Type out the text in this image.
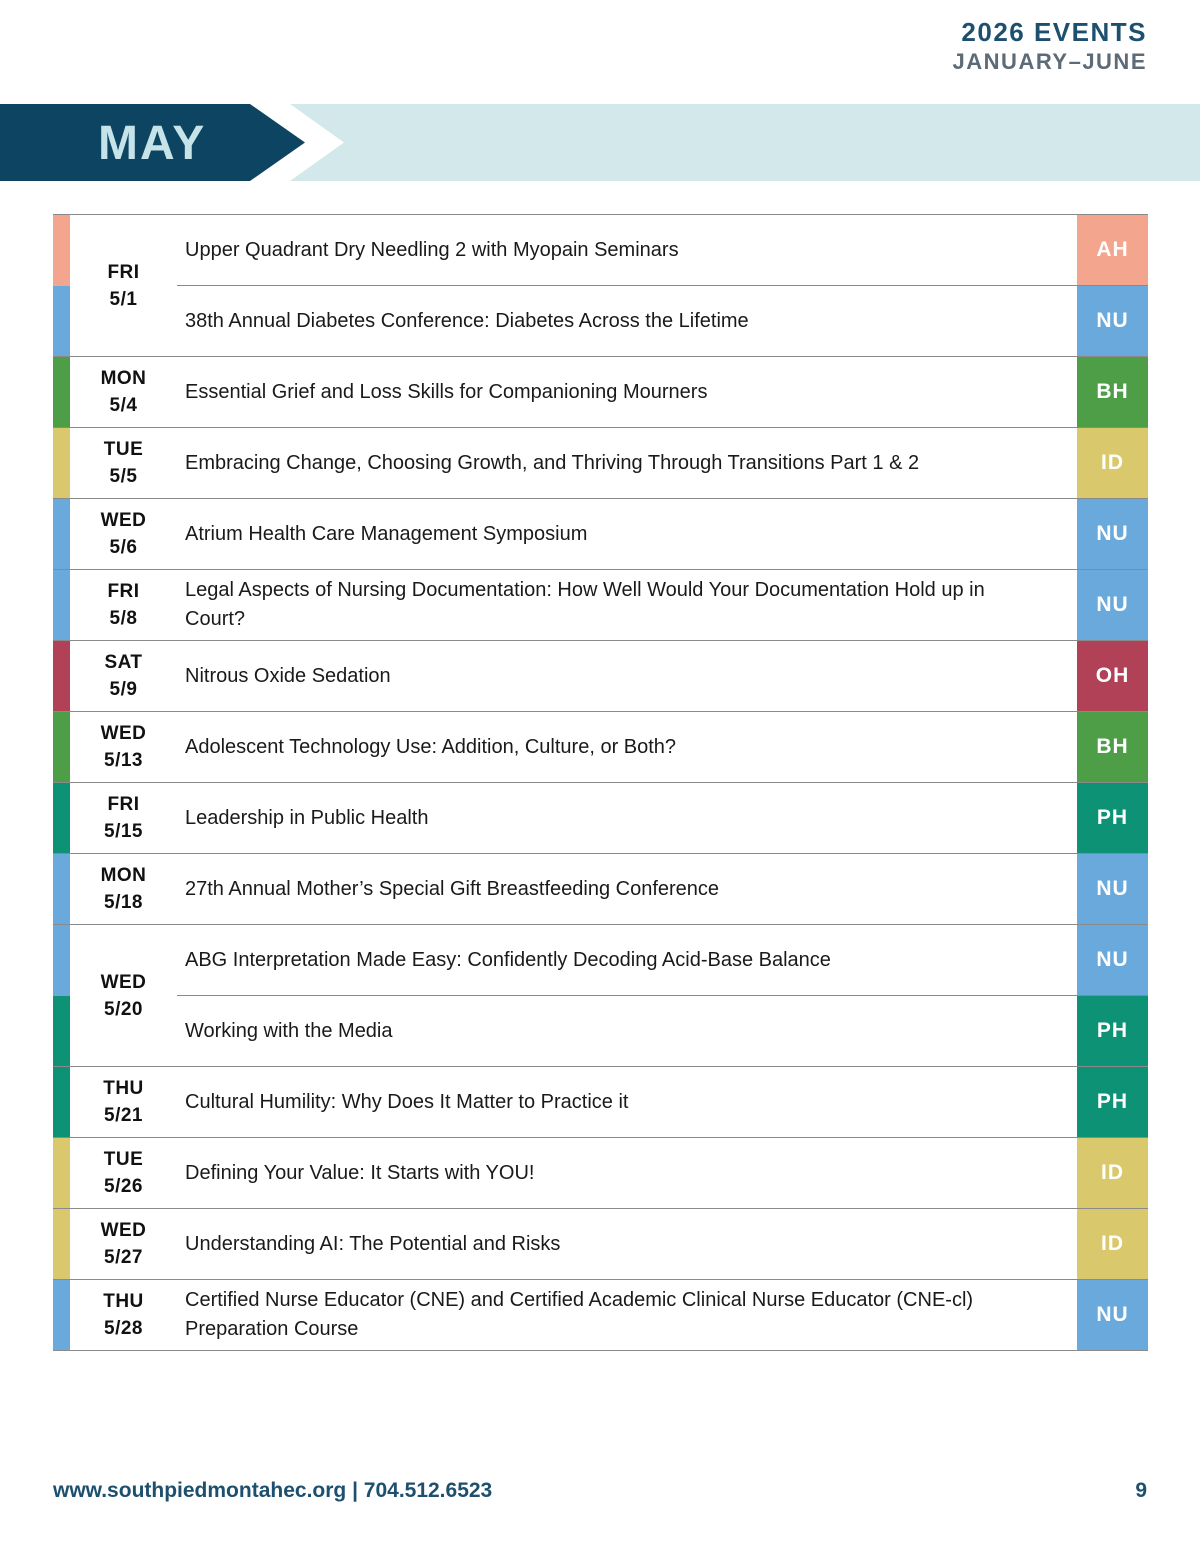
2026 EVENTS
JANUARY–JUNE
MAY
FRI
5/1
Upper Quadrant Dry Needling 2 with Myopain Seminars	AH
38th Annual Diabetes Conference: Diabetes Across the Lifetime	NU
MON
5/4
Essential Grief and Loss Skills for Companioning Mourners	BH
TUE
5/5
Embracing Change, Choosing Growth, and Thriving Through Transitions Part 1 & 2	ID
WED
5/6
Atrium Health Care Management Symposium	NU
FRI
5/8
Legal Aspects of Nursing Documentation: How Well Would Your Documentation Hold up in Court?
NU
SAT
5/9
Nitrous Oxide Sedation	OH
WED
5/13
Adolescent Technology Use: Addition, Culture, or Both?	BH
FRI
5/15
Leadership in Public Health	PH
MON
5/18
27th Annual Mother’s Special Gift Breastfeeding Conference	NU
WED
5/20
ABG Interpretation Made Easy: Confidently Decoding Acid-Base Balance	NU
Working with the Media	PH
THU
5/21
Cultural Humility: Why Does It Matter to Practice it	PH
TUE
5/26
Defining Your Value: It Starts with YOU!	ID
WED
5/27
Understanding AI: The Potential and Risks	ID
THU
5/28
Certified Nurse Educator (CNE) and Certified Academic Clinical Nurse Educator (CNE-cl) Preparation Course
NU
www.southpiedmontahec.org | 704.512.6523	9
